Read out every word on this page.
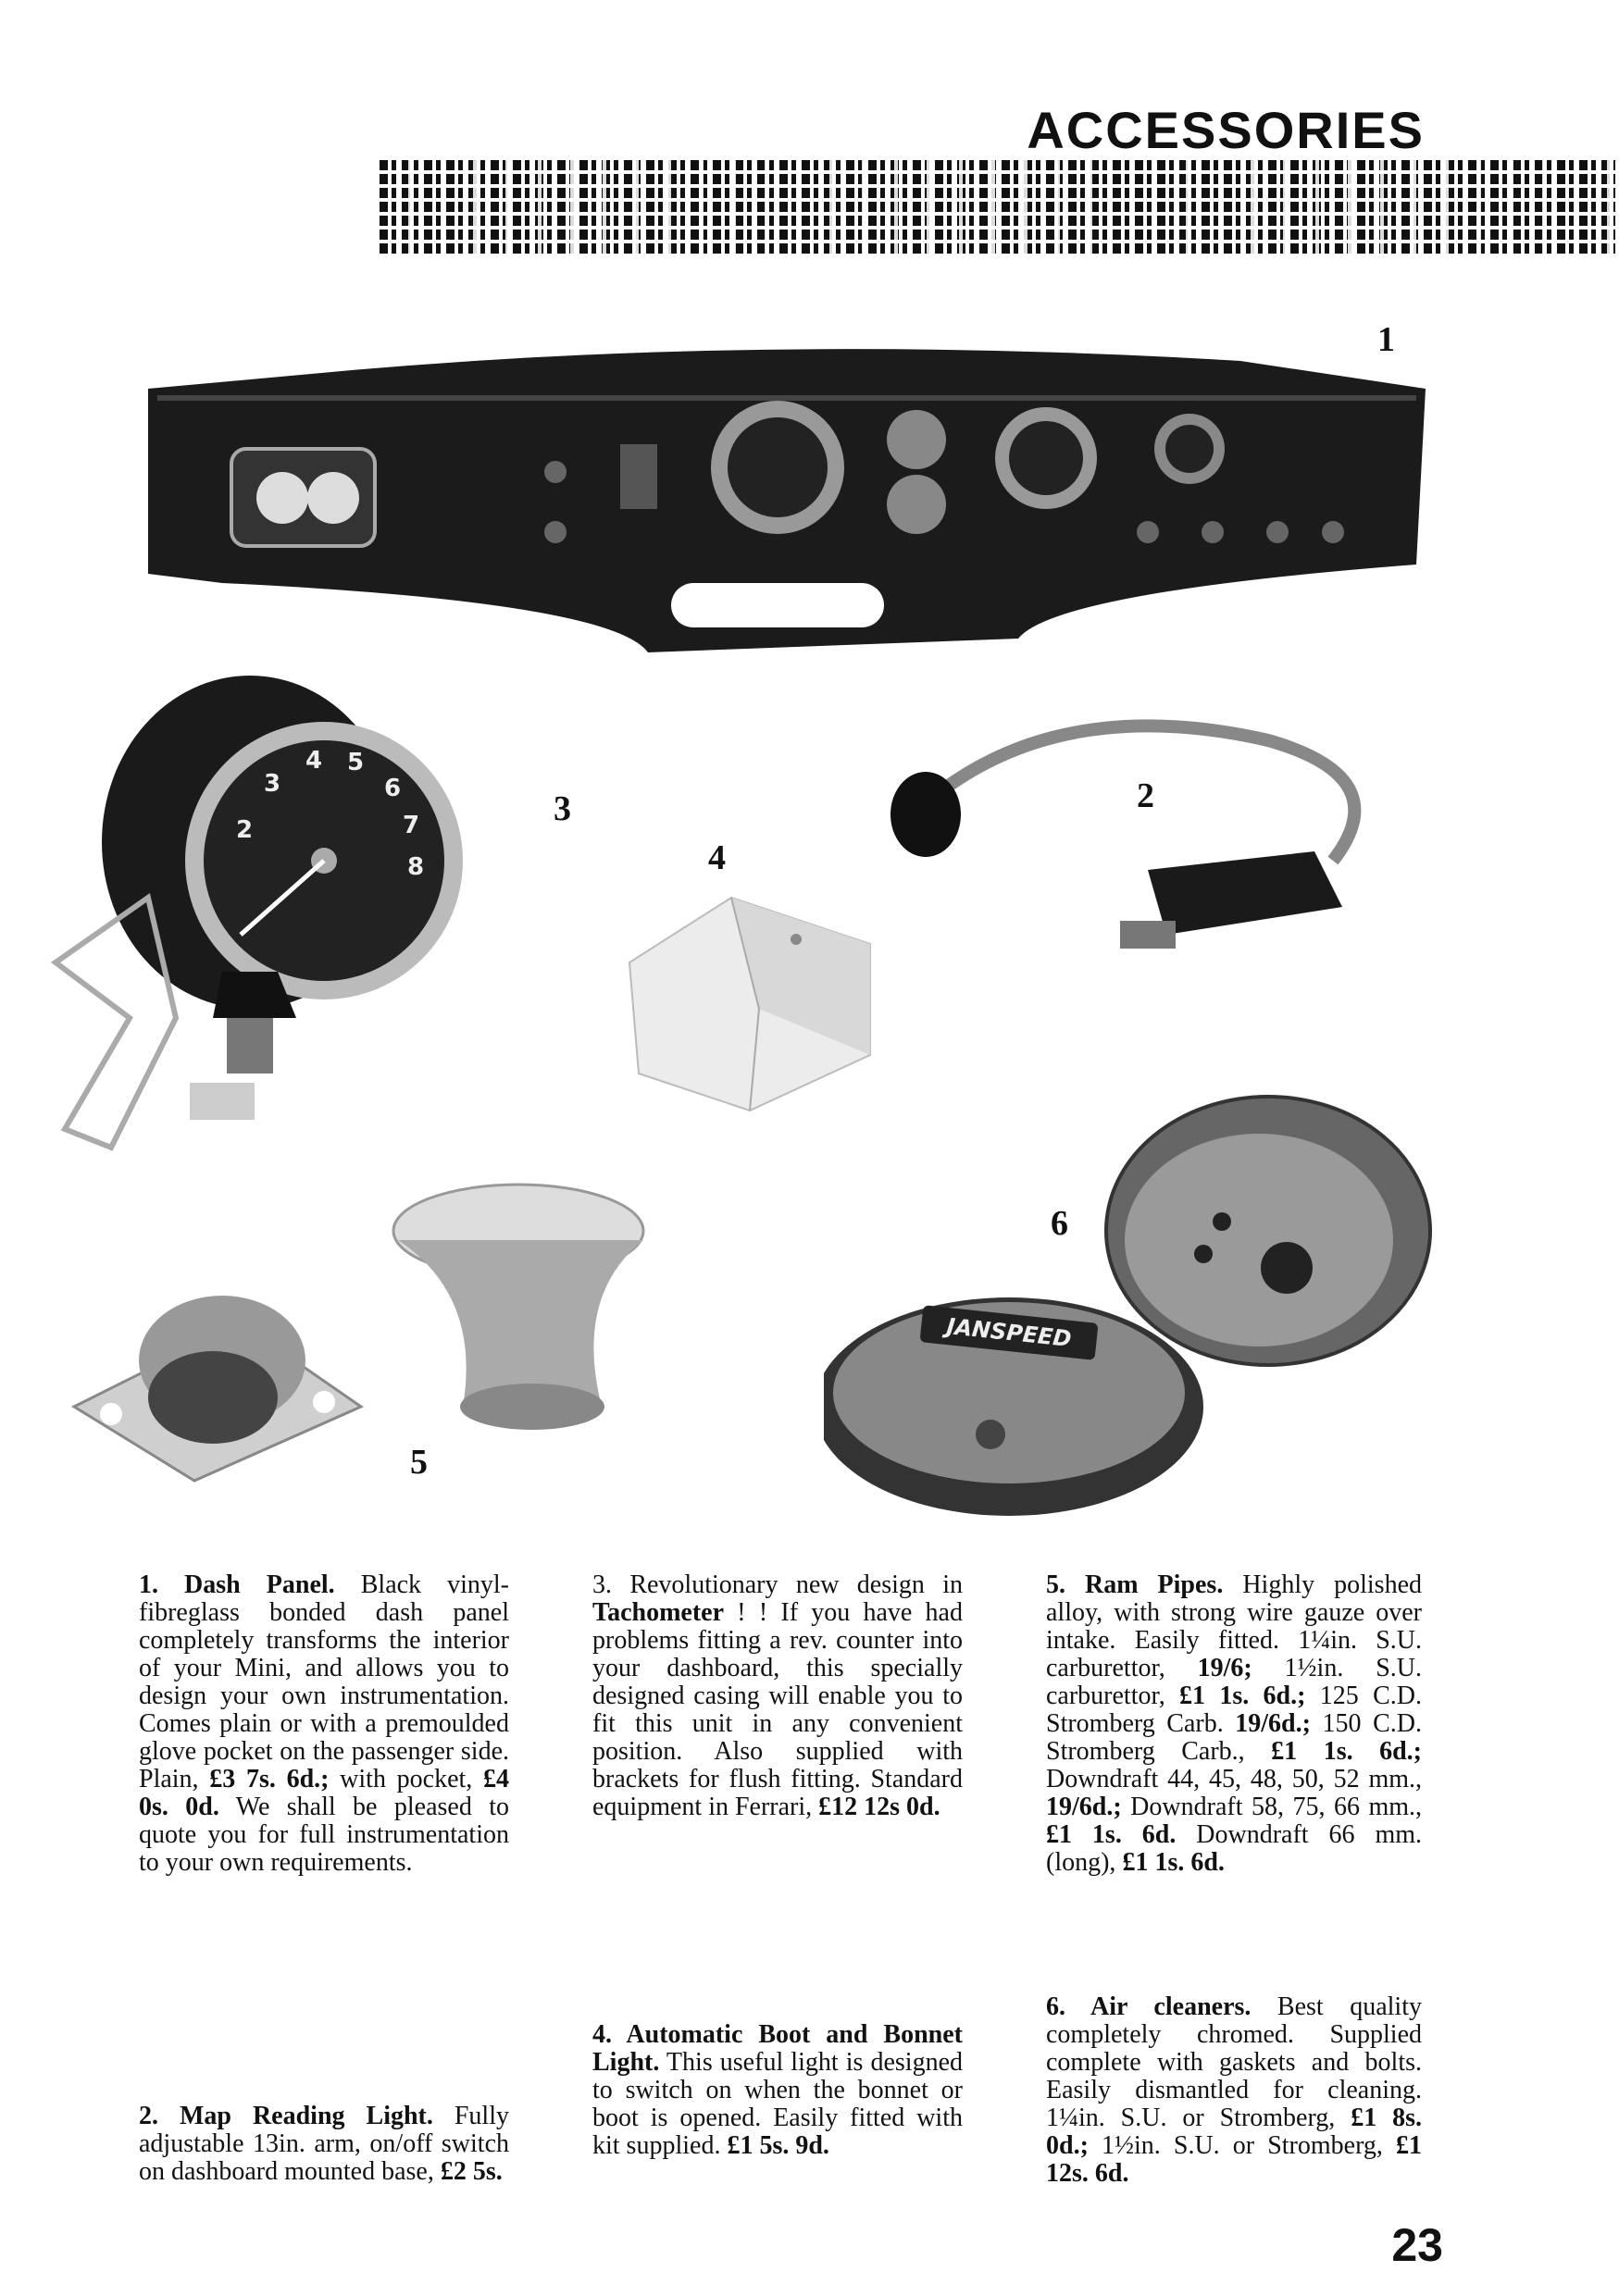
ACCESSORIES
1
3
2
3
4 5
6
7
8	4
2
5
6
JANSPEED
1. Dash Panel. Black vinyl-fibreglass bonded dash panel completely transforms the interior of your Mini, and allows you to design your own instrumentation. Comes plain or with a premoulded glove pocket on the passenger side. Plain, £3 7s. 6d.; with pocket, £4 0s. 0d. We shall be pleased to quote you for full instrumentation to your own requirements.
2. Map Reading Light. Fully adjustable 13in. arm, on/off switch on dashboard mounted base, £2 5s.
3. Revolutionary new design in Tachometer ! ! If you have had problems fitting a rev. counter into your dashboard, this specially designed casing will enable you to fit this unit in any convenient position. Also supplied with brackets for flush fitting. Standard equipment in Ferrari, £12 12s 0d.
4. Automatic Boot and Bonnet Light. This useful light is designed to switch on when the bonnet or boot is opened. Easily fitted with kit supplied. £1 5s. 9d.
5. Ram Pipes. Highly polished alloy, with strong wire gauze over intake. Easily fitted. 1¼in. S.U. carburettor, 19/6; 1½in. S.U. carburettor, £1 1s. 6d.; 125 C.D. Stromberg Carb. 19/6d.; 150 C.D. Stromberg Carb., £1 1s. 6d.; Downdraft 44, 45, 48, 50, 52 mm., 19/6d.; Downdraft 58, 75, 66 mm., £1 1s. 6d. Downdraft 66 mm. (long), £1 1s. 6d.
6. Air cleaners. Best quality completely chromed. Supplied complete with gaskets and bolts. Easily dismantled for cleaning. 1¼in. S.U. or Stromberg, £1 8s. 0d.; 1½in. S.U. or Stromberg, £1 12s. 6d.
23
